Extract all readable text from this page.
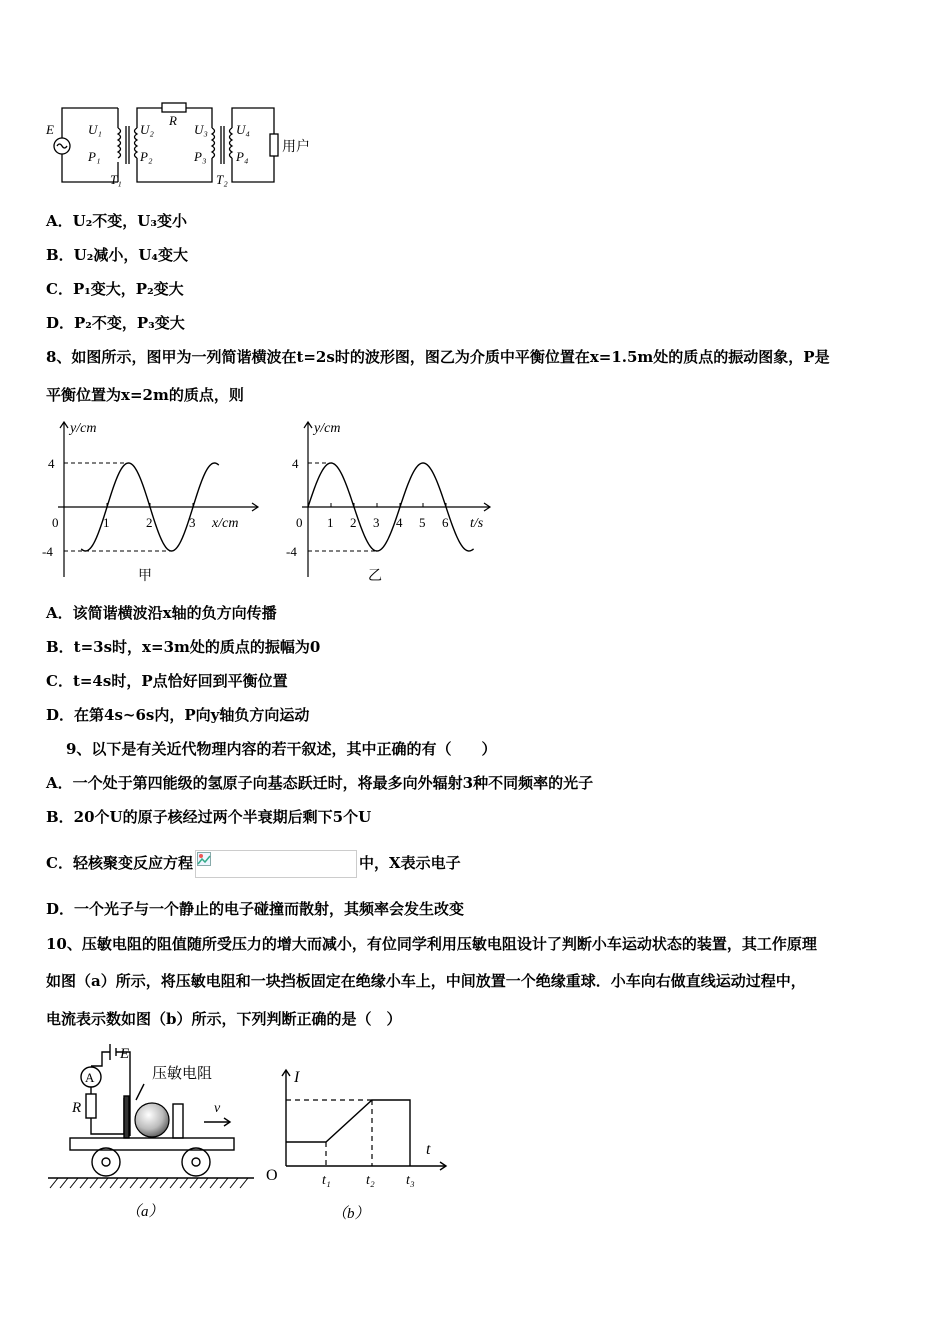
E
R
U₁
P₁
U₂
P₂
U₃
P₃
U₄
P₄
T₁	T₂
用户
A．U₂不变，U₃变小
B．U₂减小，U₄变大
C．P₁变大，P₂变大
D．P₂不变，P₃变大
8、如图所示，图甲为一列简谐横波在t=2s时的波形图，图乙为介质中平衡位置在x=1.5m处的质点的振动图象，P是
平衡位置为x=2m的质点，则
y/cm
4
-4
0	1	2	3 x/cm
甲
y/cm
4
-4
0 1 2 3 4 5 6 t/s
乙
A．该简谐横波沿x轴的负方向传播
B．t=3s时，x=3m处的质点的振幅为0
C．t=4s时，P点恰好回到平衡位置
D．在第4s~6s内，P向y轴负方向运动
9、以下是有关近代物理内容的若干叙述，其中正确的有（　　）
A．一个处于第四能级的氢原子向基态跃迁时，将最多向外辐射3种不同频率的光子
B．20个U的原子核经过两个半衰期后剩下5个U
C．轻核聚变反应方程	中，X表示电子
D．一个光子与一个静止的电子碰撞而散射，其频率会发生改变
10、压敏电阻的阻值随所受压力的增大而减小，有位同学利用压敏电阻设计了判断小车运动状态的装置，其工作原理
如图（a）所示，将压敏电阻和一块挡板固定在绝缘小车上，中间放置一个绝缘重球．小车向右做直线运动过程中，
电流表示数如图（b）所示，下列判断正确的是（　）
E
A
R
压敏电阻
v
（a）
I
t
O	t₁	t₂ t₃
（b）
